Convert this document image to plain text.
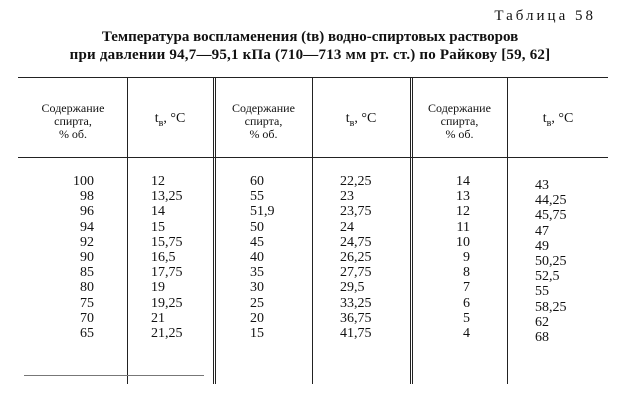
Таблица 58
Температура воспламенения (tв) водно-спиртовых растворов
при давлении 94,7—95,1 кПа (710—713 мм рт. ст.) по Райкову [59, 62]
Содержание
спирта,
% об.
$t_в$, °C
Содержание
спирта,
% об.
$t_в$, °C
Содержание
спирта,
% об.
$t_в$, °C
100
98
96
94
92
90
85
80
75
70
65
12
13,25
14
15
15,75
16,5
17,75
19
19,25
21
21,25
60
55
51,9
50
45
40
35
30
25
20
15
22,25
23
23,75
24
24,75
26,25
27,75
29,5
33,25
36,75
41,75
14
13
12
11
10
9
8
7
6
5
4
43
44,25
45,75
47
49
50,25
52,5
55
58,25
62
68
